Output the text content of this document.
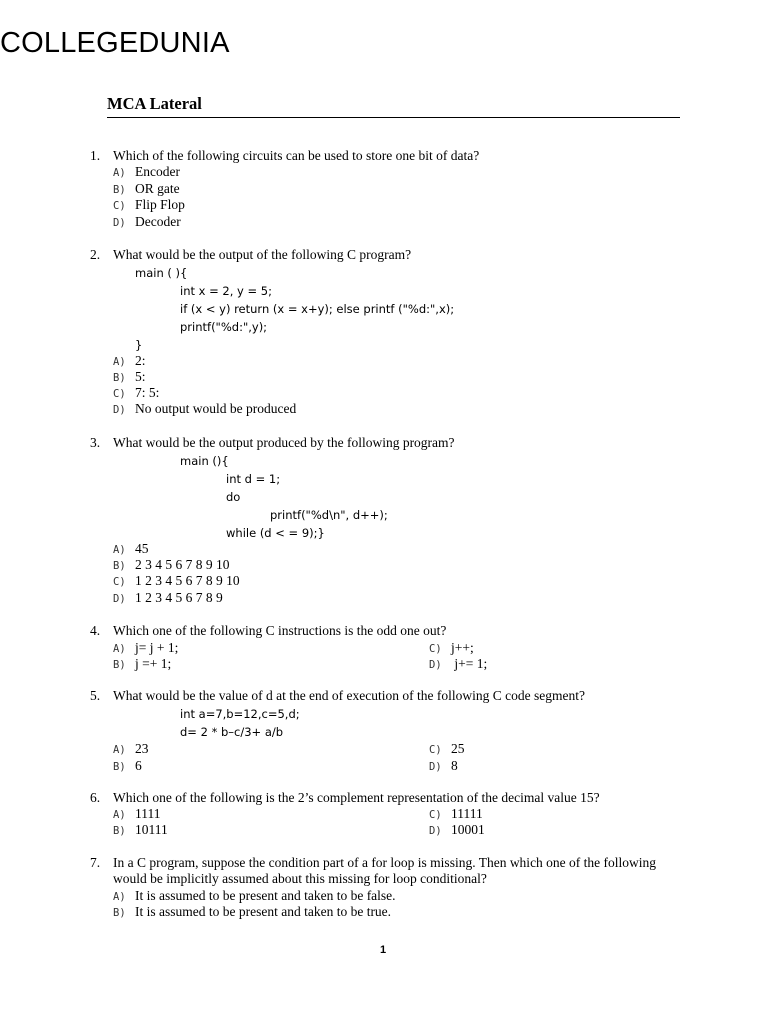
COLLEGEDUNIA
MCA Lateral
1. Which of the following circuits can be used to store one bit of data?
A) Encoder
B) OR gate
C) Flip Flop
D) Decoder
2. What would be the output of the following C program?
main ( ){
int x = 2, y = 5;
if (x < y) return (x = x+y); else printf ("%d:",x);
printf("%d:",y);
}
A) 2:
B) 5:
C) 7: 5:
D) No output would be produced
3. What would be the output produced by the following program?
main (){
int d = 1;
do
printf("%d\n", d++);
while (d < = 9);}
A) 45
B) 2 3 4 5 6 7 8 9 10
C) 1 2 3 4 5 6 7 8 9 10
D) 1 2 3 4 5 6 7 8 9
4. Which one of the following C instructions is the odd one out?
A) j= j + 1;
B) j =+ 1;
C) j++;
D) j+= 1;
5. What would be the value of d at the end of execution of the following C code segment?
int a=7,b=12,c=5,d;
d= 2 * b–c/3+ a/b
A) 23
B) 6
C) 25
D) 8
6. Which one of the following is the 2’s complement representation of the decimal value 15?
A) 1111
B) 10111
C) 11111
D) 10001
7. In a C program, suppose the condition part of a for loop is missing. Then which one of the following
would be implicitly assumed about this missing for loop conditional?
A) It is assumed to be present and taken to be false.
B) It is assumed to be present and taken to be true.
1
